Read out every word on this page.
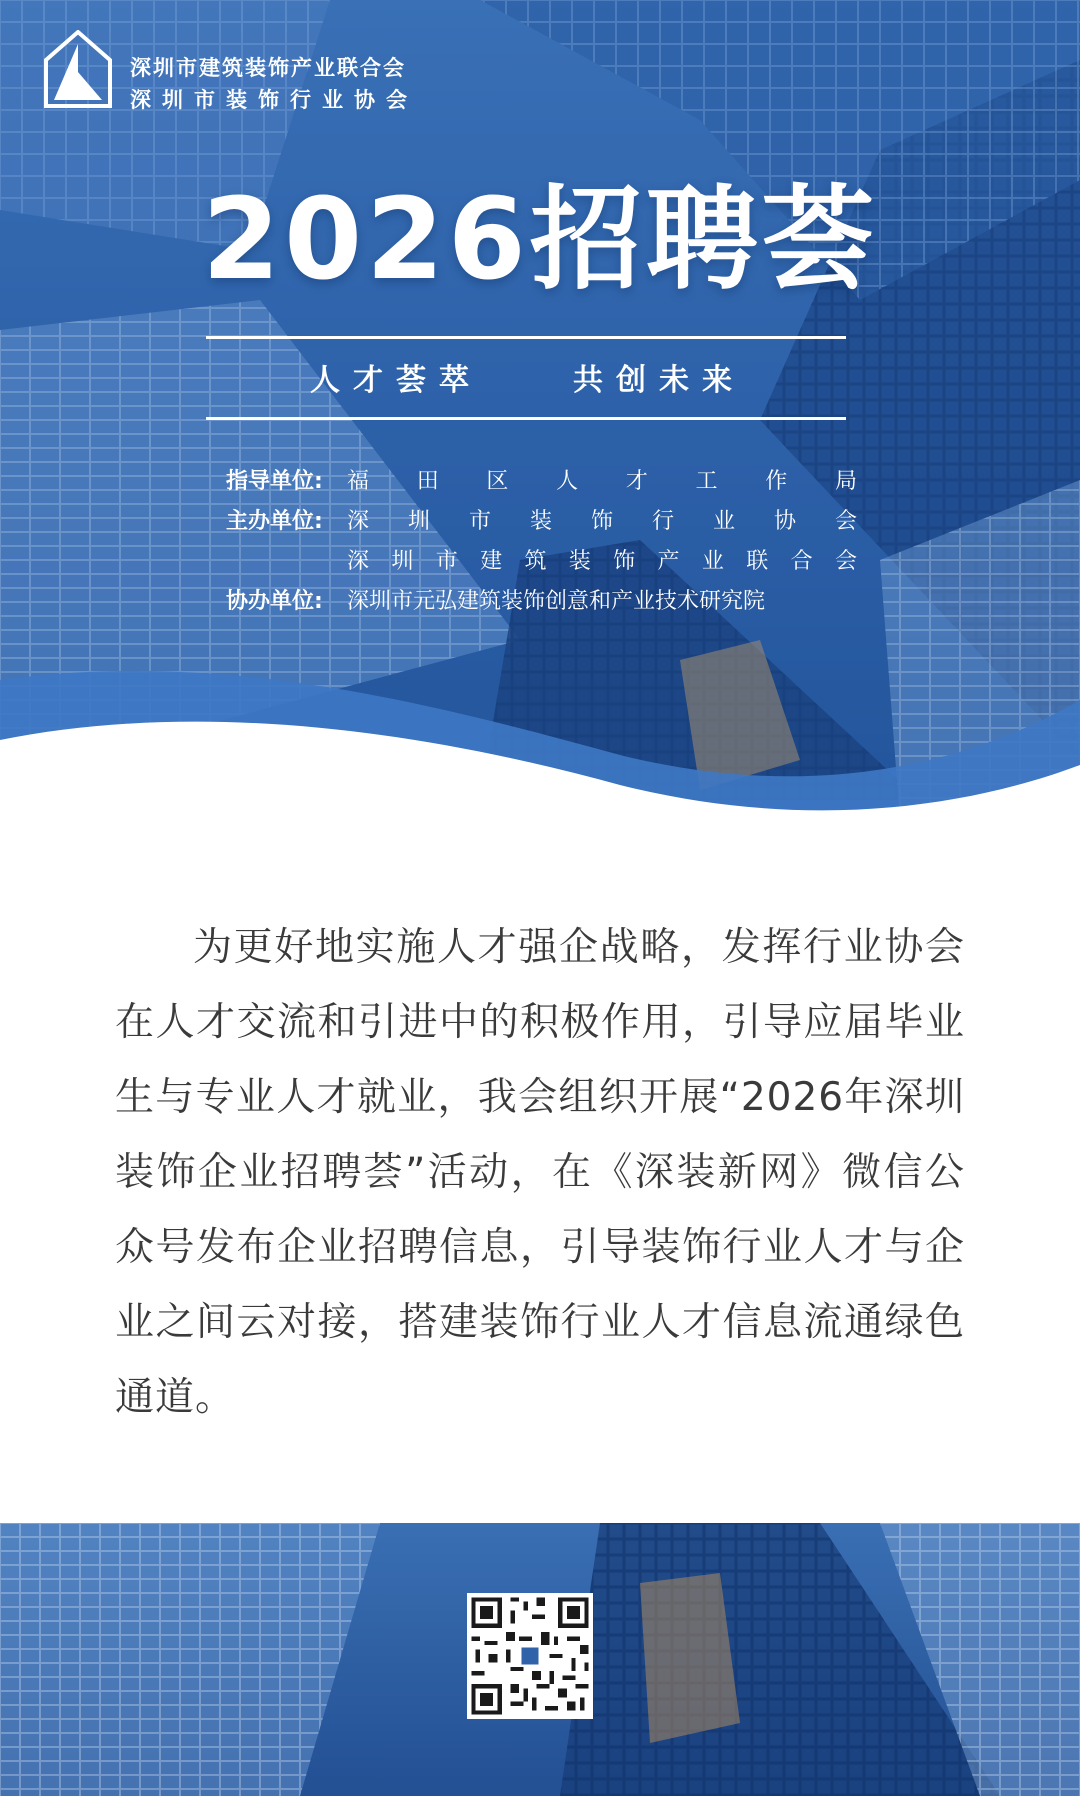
深圳市建筑装饰产业联合会
深圳市装饰行业协会
2026招聘荟
人才荟萃	共创未来
指导单位: 福田区人才工作局
主办单位: 深圳市装饰行业协会
深圳市建筑装饰产业联合会
协办单位: 深圳市元弘建筑装饰创意和产业技术研究院

为更好地实施人才强企战略，发挥行业协会在人才交流和引进中的积极作用，引导应届毕业生与专业人才就业，我会组织开展“2026年深圳装饰企业招聘荟”活动，在《深装新网》微信公众号发布企业招聘信息，引导装饰行业人才与企业之间云对接，搭建装饰行业人才信息流通绿色通道。
